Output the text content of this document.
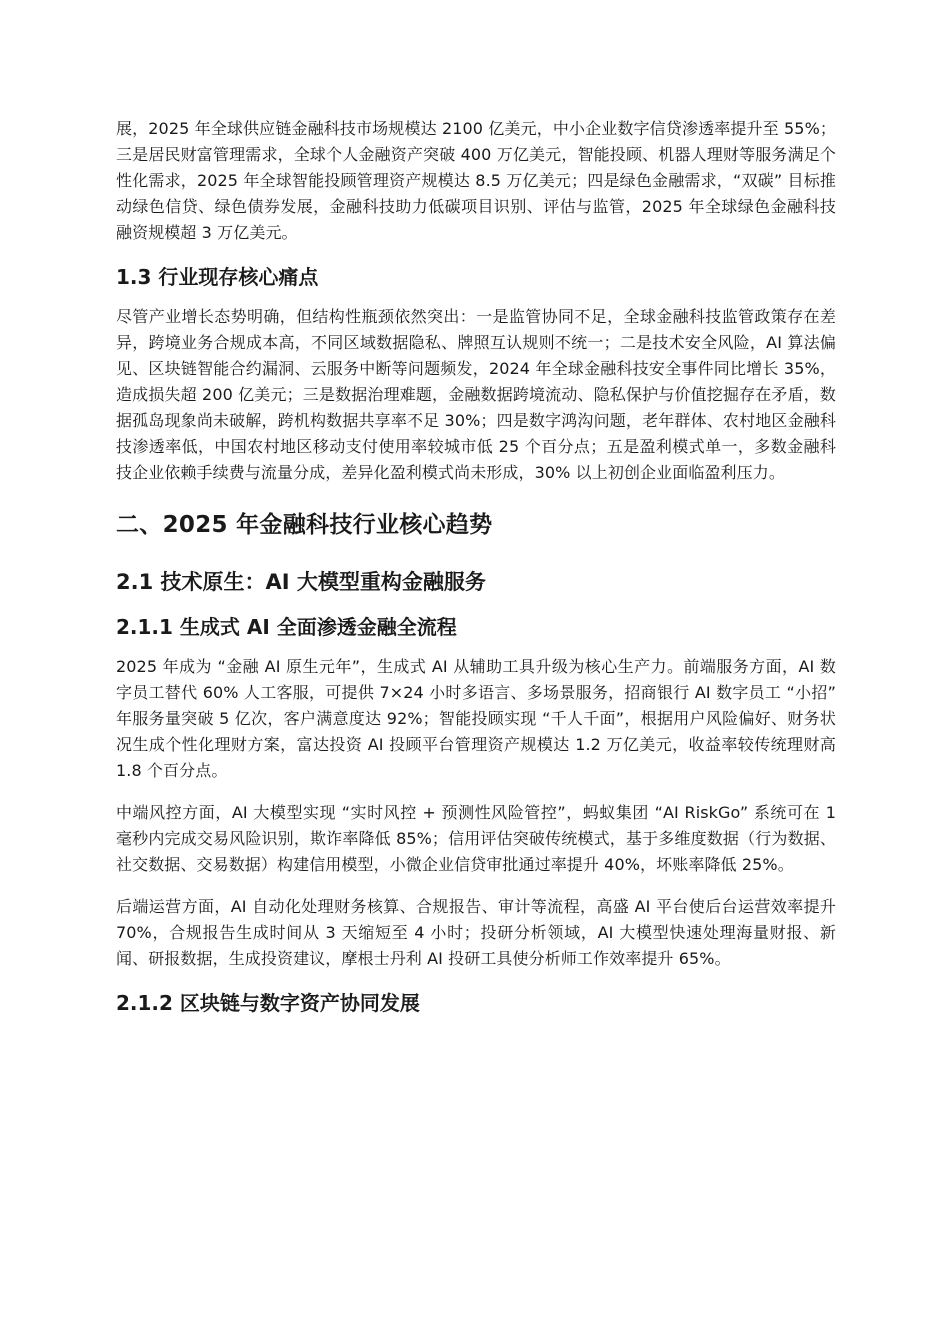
展，2025 年全球供应链金融科技市场规模达 2100 亿美元，中小企业数字信贷渗透率提升至 55%；三是居民财富管理需求，全球个人金融资产突破 400 万亿美元，智能投顾、机器人理财等服务满足个性化需求，2025 年全球智能投顾管理资产规模达 8.5 万亿美元；四是绿色金融需求，“双碳” 目标推动绿色信贷、绿色债券发展，金融科技助力低碳项目识别、评估与监管，2025 年全球绿色金融科技融资规模超 3 万亿美元。

1.3 行业现存核心痛点

尽管产业增长态势明确，但结构性瓶颈依然突出：一是监管协同不足，全球金融科技监管政策存在差异，跨境业务合规成本高，不同区域数据隐私、牌照互认规则不统一；二是技术安全风险，AI 算法偏见、区块链智能合约漏洞、云服务中断等问题频发，2024 年全球金融科技安全事件同比增长 35%，造成损失超 200 亿美元；三是数据治理难题，金融数据跨境流动、隐私保护与价值挖掘存在矛盾，数据孤岛现象尚未破解，跨机构数据共享率不足 30%；四是数字鸿沟问题，老年群体、农村地区金融科技渗透率低，中国农村地区移动支付使用率较城市低 25 个百分点；五是盈利模式单一，多数金融科技企业依赖手续费与流量分成，差异化盈利模式尚未形成，30% 以上初创企业面临盈利压力。

二、2025 年金融科技行业核心趋势
2.1 技术原生：AI 大模型重构金融服务
2.1.1 生成式 AI 全面渗透金融全流程

2025 年成为 “金融 AI 原生元年”，生成式 AI 从辅助工具升级为核心生产力。前端服务方面，AI 数字员工替代 60% 人工客服，可提供 7×24 小时多语言、多场景服务，招商银行 AI 数字员工 “小招” 年服务量突破 5 亿次，客户满意度达 92%；智能投顾实现 “千人千面”，根据用户风险偏好、财务状况生成个性化理财方案，富达投资 AI 投顾平台管理资产规模达 1.2 万亿美元，收益率较传统理财高 1.8 个百分点。

中端风控方面，AI 大模型实现 “实时风控 + 预测性风险管控”，蚂蚁集团 “AI RiskGo” 系统可在 1 毫秒内完成交易风险识别，欺诈率降低 85%；信用评估突破传统模式，基于多维度数据（行为数据、社交数据、交易数据）构建信用模型，小微企业信贷审批通过率提升 40%，坏账率降低 25%。

后端运营方面，AI 自动化处理财务核算、合规报告、审计等流程，高盛 AI 平台使后台运营效率提升 70%，合规报告生成时间从 3 天缩短至 4 小时；投研分析领域，AI 大模型快速处理海量财报、新闻、研报数据，生成投资建议，摩根士丹利 AI 投研工具使分析师工作效率提升 65%。

2.1.2 区块链与数字资产协同发展
